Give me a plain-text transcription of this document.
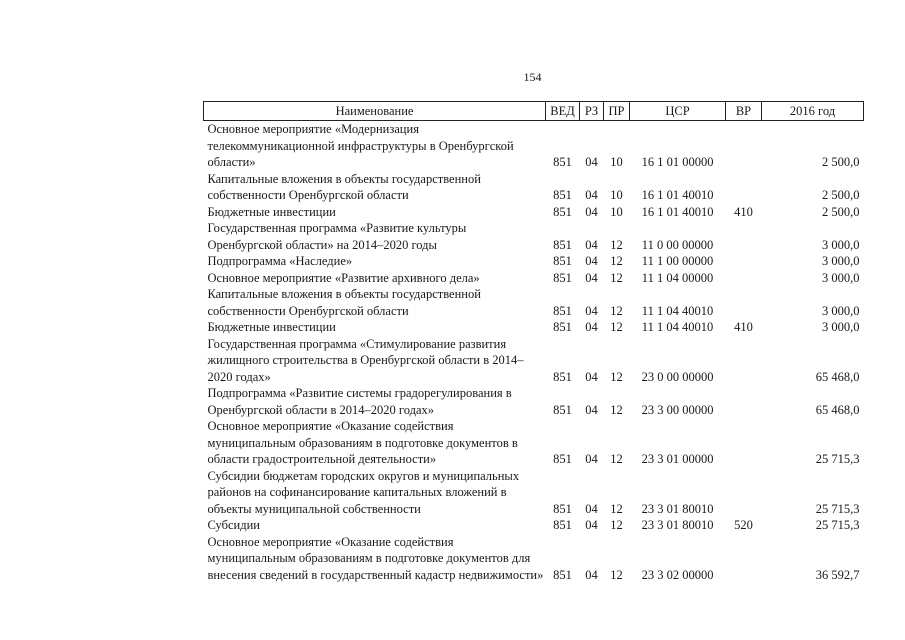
154
Наименование	ВЕД	РЗ	ПР	ЦСР	ВР	2016 год
Основное мероприятие «Модернизация телекоммуникационной инфраструктуры в Оренбургской области»	851	04	10	16 1 01 00000		2 500,0
Капитальные вложения в объекты государственной собственности Оренбургской области	851	04	10	16 1 01 40010		2 500,0
Бюджетные инвестиции	851	04	10	16 1 01 40010	410	2 500,0
Государственная программа «Развитие культуры Оренбургской области» на 2014–2020 годы	851	04	12	11 0 00 00000		3 000,0
Подпрограмма «Наследие»	851	04	12	11 1 00 00000		3 000,0
Основное мероприятие «Развитие архивного дела»	851	04	12	11 1 04 00000		3 000,0
Капитальные вложения в объекты государственной собственности Оренбургской области	851	04	12	11 1 04 40010		3 000,0
Бюджетные инвестиции	851	04	12	11 1 04 40010	410	3 000,0
Государственная программа «Стимулирование развития жилищного строительства в Оренбургской области в 2014–2020 годах»	851	04	12	23 0 00 00000		65 468,0
Подпрограмма «Развитие системы градорегулирования в Оренбургской области в 2014–2020 годах»	851	04	12	23 3 00 00000		65 468,0
Основное мероприятие «Оказание содействия муниципальным образованиям в подготовке документов в области градостроительной деятельности»	851	04	12	23 3 01 00000		25 715,3
Субсидии бюджетам городских округов и муниципальных районов на софинансирование капитальных вложений в объекты муниципальной собственности	851	04	12	23 3 01 80010		25 715,3
Субсидии	851	04	12	23 3 01 80010	520	25 715,3
Основное мероприятие «Оказание содействия муниципальным образованиям в подготовке документов для внесения сведений в государственный кадастр недвижимости»	851	04	12	23 3 02 00000		36 592,7
